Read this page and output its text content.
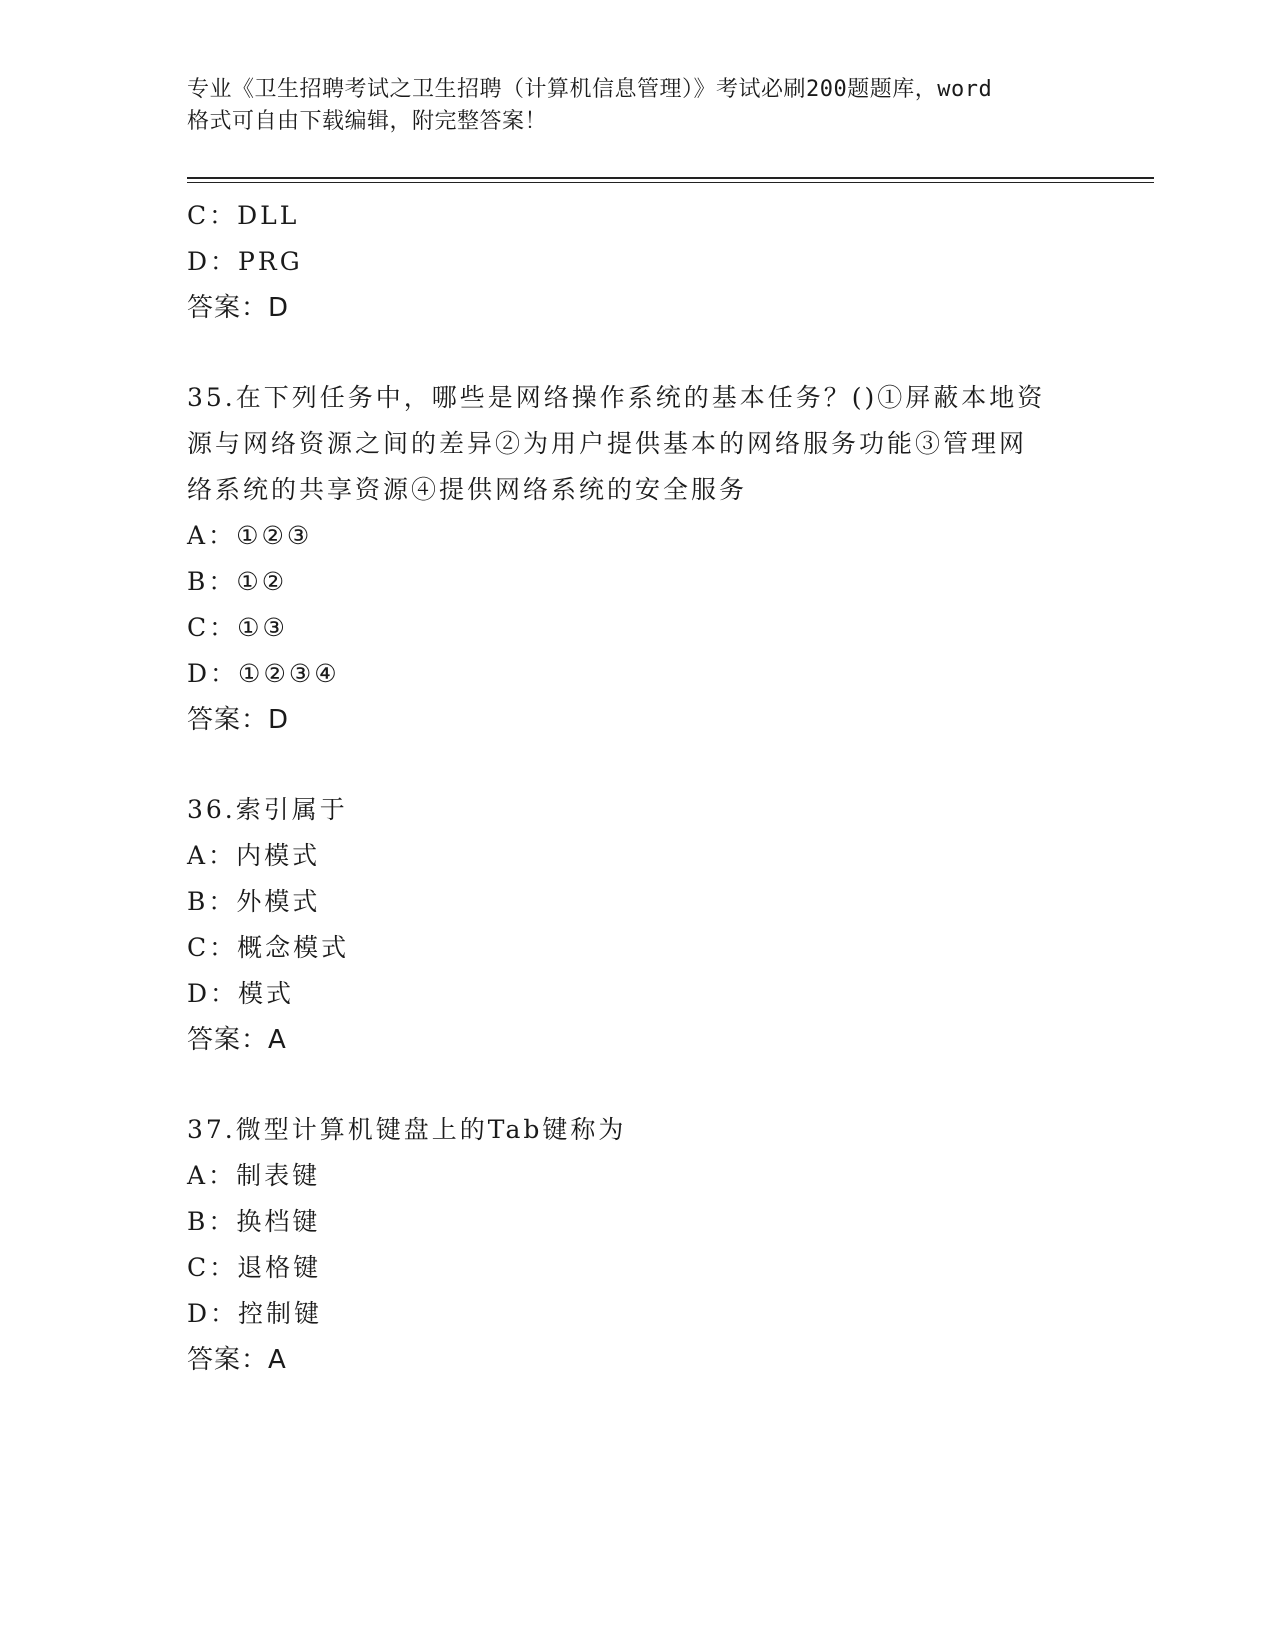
专业《卫生招聘考试之卫生招聘（计算机信息管理）》考试必刷200题题库，word
格式可自由下载编辑，附完整答案！
C：DLL
D：PRG
答案：D
35.在下列任务中，哪些是网络操作系统的基本任务？()①屏蔽本地资
源与网络资源之间的差异②为用户提供基本的网络服务功能③管理网
络系统的共享资源④提供网络系统的安全服务
A：①②③
B：①②
C：①③
D：①②③④
答案：D
36.索引属于
A：内模式
B：外模式
C：概念模式
D：模式
答案：A
37.微型计算机键盘上的Tab键称为
A：制表键
B：换档键
C：退格键
D：控制键
答案：A
